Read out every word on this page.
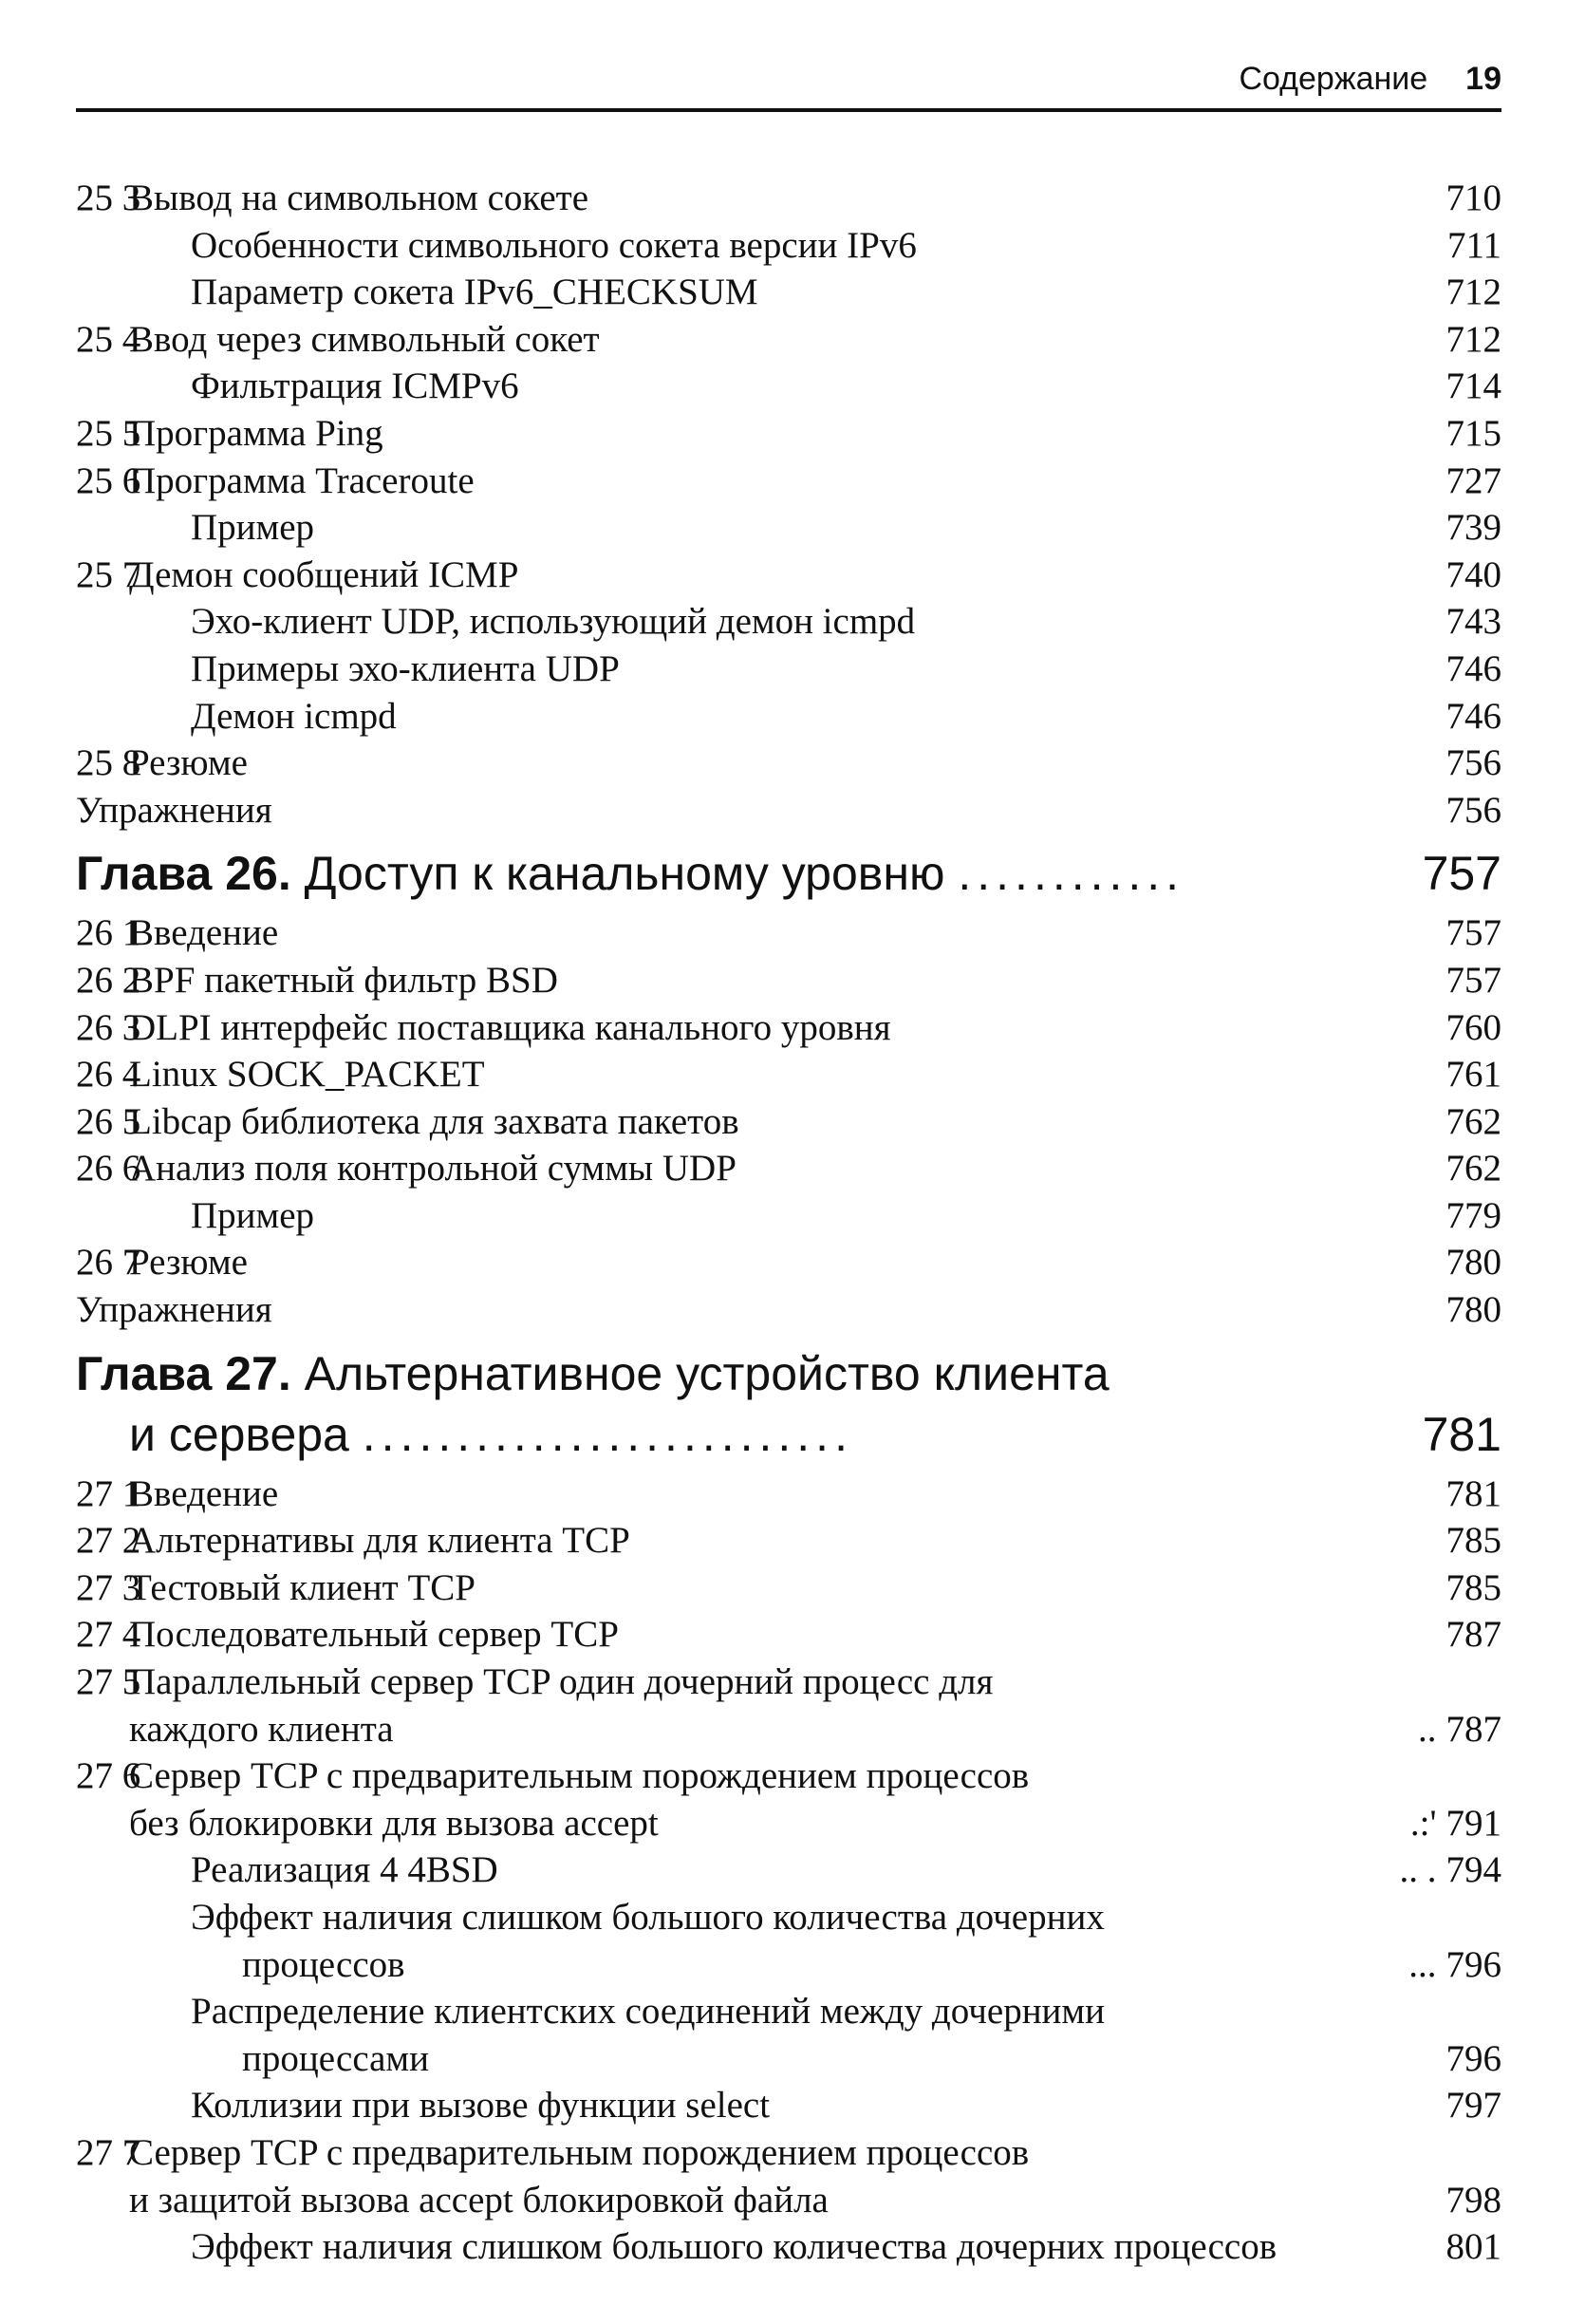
Содержание 19
25 3Вывод на символьном сокете	710
Особенности символьного сокета версии IPv6	711
Параметр сокета IPv6_CHECKSUM	712
25 4Ввод через символьный сокет	712
Фильтрация ICMPv6	714
25 5Программа Ping	715
25 6Программа Traceroute	727
Пример	739
25 7Демон сообщений ICMP	740
Эхо-клиент UDP, использующий демон icmpd	743
Примеры эхо-клиента UDP	746
Демон icmpd	746
25 8Резюме	756
Упражнения	756
Глава 26. Доступ к канальному уровню ............	757
26 1Введение	757
26 2BPF пакетный фильтр BSD	757
26 3DLPI интерфейс поставщика канального уровня	760
26 4Linux SOCK_PACKET	761
26 5Libcap библиотека для захвата пакетов	762
26 6Анализ поля контрольной суммы UDP	762
Пример	779
26 7Резюме	780
Упражнения	780
Глава 27. Альтернативное устройство клиента
и сервера ..........................	781
27 1Введение	781
27 2Альтернативы для клиента TCP	785
27 3Тестовый клиент TCP	785
27 4Последовательный сервер TCP	787
27 5Параллельный сервер TCP один дочерний процесс для
каждого клиента	.. 787
27 6Сервер TCP с предварительным порождением процессов
без блокировки для вызова accept	.:' 791
Реализация 4 4BSD	.. . 794
Эффект наличия слишком большого количества дочерних
процессов	... 796
Распределение клиентских соединений между дочерними
процессами	796
Коллизии при вызове функции select	797
27 7Сервер TCP с предварительным порождением процессов
и защитой вызова accept блокировкой файла	798
Эффект наличия слишком большого количества дочерних процессов	801
